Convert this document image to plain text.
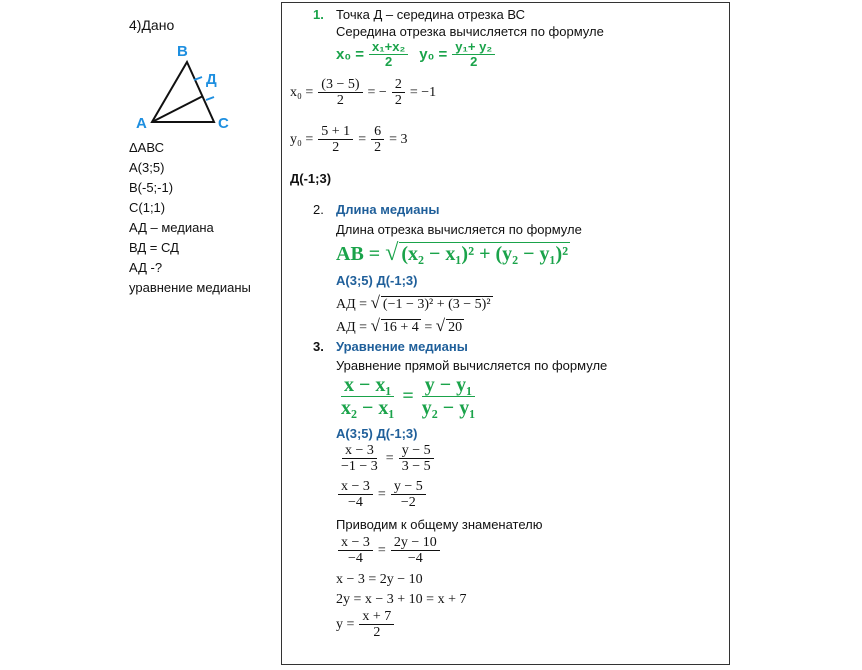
4)Дано
B
Д
A	C
ΔАВС
А(3;5)
В(-5;-1)
С(1;1)
АД – медиана
ВД = СД
АД -?
уравнение медианы
1. Точка Д – середина отрезка ВС
Середина отрезка вычисляется по формуле
$x_0 = \frac{\text{x₁+x₂}}{2} y_0 = \frac{\text{y₁+ y₂}}{2}$
$x_0 = \frac{(3 - 5)}{2}$ = − $\frac{2}{2} = -1$
$y_0 = \frac{5 + 1}{2} = \frac{6}{2} = 3$
Д(-1;3)
2. Длина медианы
Длина отрезка вычисляется по формуле
AB = √ (x₂ − x₁)² + (y₂ − y₁)²
А(3;5) Д(-1;3)
АД = √ (−1 − 3)² + (3 − 5)²
АД = √ 16 + 4 = √ 20
3. Уравнение медианы
Уравнение прямой вычисляется по формуле
$\frac{\text{x − x₁}}{\text{x₂ − x₁}} = \frac{\text{y − y₁}}{\text{y₂ − y₁}}$
А(3;5) Д(-1;3)
$\frac{x - 3}{-1 - 3} = \frac{y - 5}{3 - 5}$
$\frac{x - 3}{-4} = \frac{y - 5}{-2}$
Приводим к общему знаменателю
$\frac{x - 3}{-4} = \frac{2y - 10}{-4}$
x − 3 = 2y − 10
2y = x − 3 + 10 = x + 7
$y = \frac{x + 7}{2}$
